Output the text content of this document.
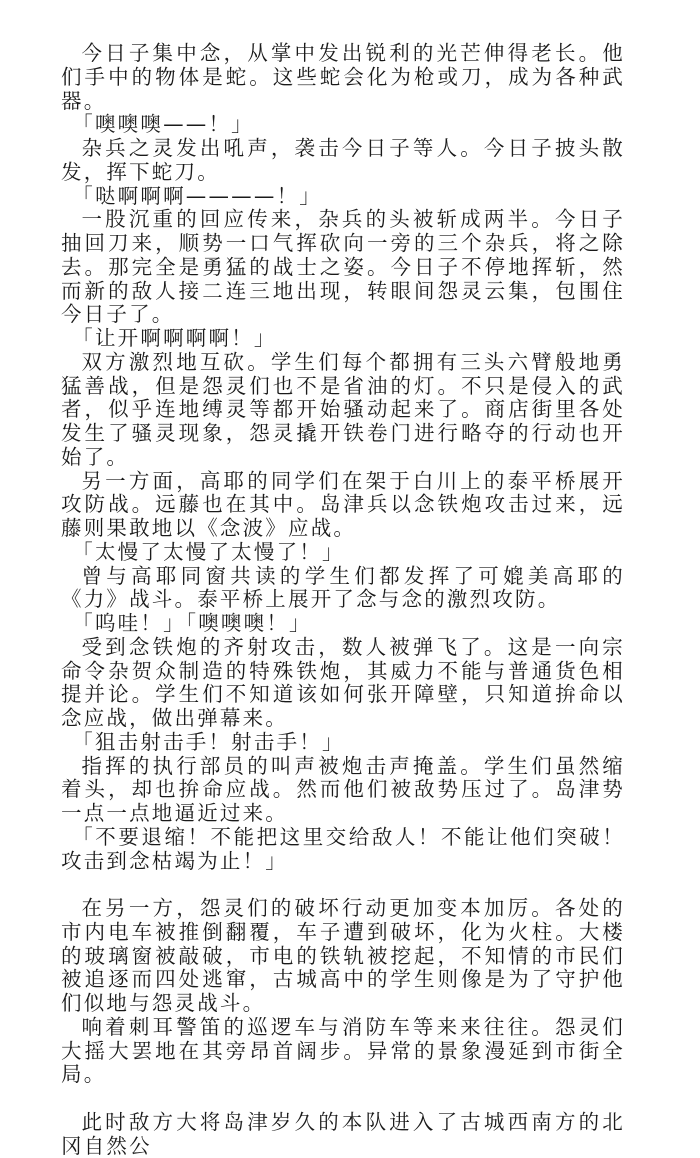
今日子集中念，从掌中发出锐利的光芒伸得老长。他们手中的物体是蛇。这些蛇会化为枪或刀，成为各种武器。

「噢噢噢——！」

杂兵之灵发出吼声，袭击今日子等人。今日子披头散发，挥下蛇刀。

「哒啊啊啊————！」

一股沉重的回应传来，杂兵的头被斩成两半。今日子抽回刀来，顺势一口气挥砍向一旁的三个杂兵，将之除去。那完全是勇猛的战士之姿。今日子不停地挥斩，然而新的敌人接二连三地出现，转眼间怨灵云集，包围住今日子了。

「让开啊啊啊啊！」

双方激烈地互砍。学生们每个都拥有三头六臂般地勇猛善战，但是怨灵们也不是省油的灯。不只是侵入的武者，似乎连地缚灵等都开始骚动起来了。商店街里各处发生了骚灵现象，怨灵撬开铁卷门进行略夺的行动也开始了。

另一方面，高耶的同学们在架于白川上的泰平桥展开攻防战。远藤也在其中。岛津兵以念铁炮攻击过来，远藤则果敢地以《念波》应战。

「太慢了太慢了太慢了！」

曾与高耶同窗共读的学生们都发挥了可媲美高耶的《力》战斗。泰平桥上展开了念与念的激烈攻防。

「呜哇！」「噢噢噢！」

受到念铁炮的齐射攻击，数人被弹飞了。这是一向宗命令杂贺众制造的特殊铁炮，其威力不能与普通货色相提并论。学生们不知道该如何张开障壁，只知道拚命以念应战，做出弹幕来。

「狙击射击手！射击手！」

指挥的执行部员的叫声被炮击声掩盖。学生们虽然缩着头，却也拚命应战。然而他们被敌势压过了。岛津势一点一点地逼近过来。

「不要退缩！不能把这里交给敌人！不能让他们突破！攻击到念枯竭为止！」

在另一方，怨灵们的破坏行动更加变本加厉。各处的市内电车被推倒翻覆，车子遭到破坏，化为火柱。大楼的玻璃窗被敲破，市电的铁轨被挖起，不知情的市民们被追逐而四处逃窜，古城高中的学生则像是为了守护他们似地与怨灵战斗。

响着刺耳警笛的巡逻车与消防车等来来往往。怨灵们大摇大罢地在其旁昂首阔步。异常的景象漫延到市街全局。

此时敌方大将岛津岁久的本队进入了古城西南方的北冈自然公
